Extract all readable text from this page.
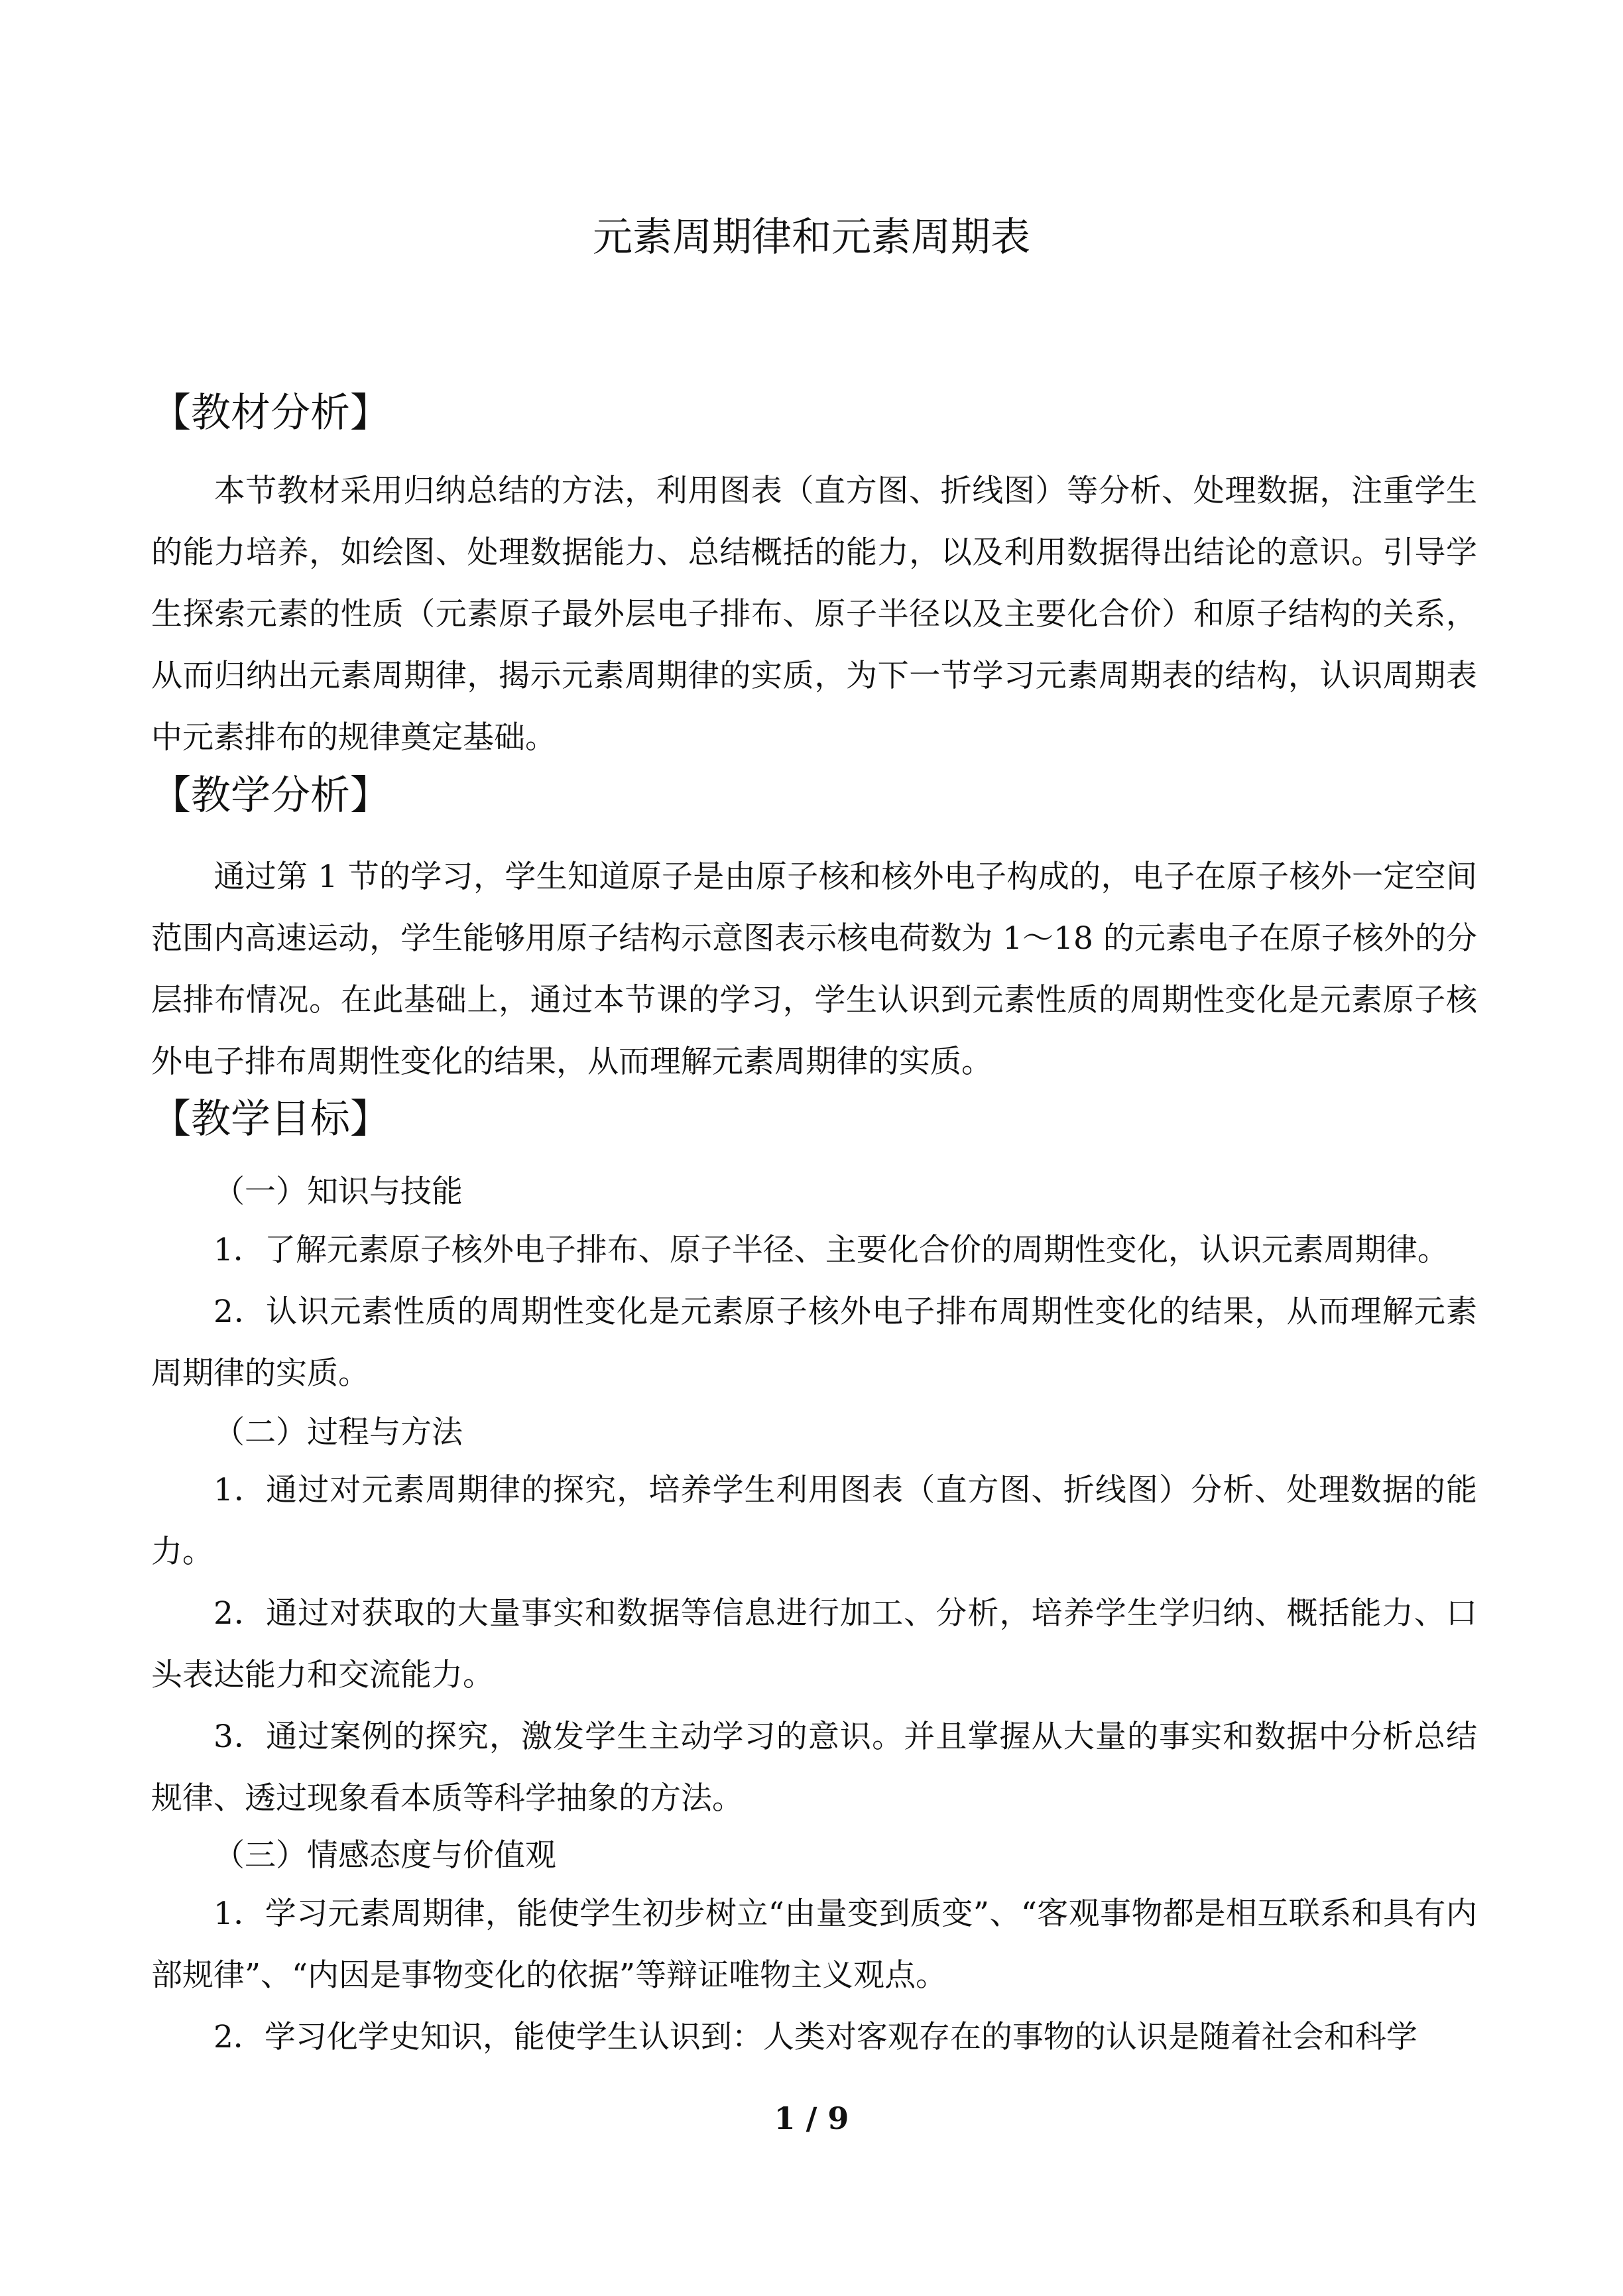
元素周期律和元素周期表
【教材分析】

本节教材采用归纳总结的方法，利用图表（直方图、折线图）等分析、处理数据，注重学生的能力培养，如绘图、处理数据能力、总结概括的能力，以及利用数据得出结论的意识。引导学生探索元素的性质（元素原子最外层电子排布、原子半径以及主要化合价）和原子结构的关系，从而归纳出元素周期律，揭示元素周期律的实质，为下一节学习元素周期表的结构，认识周期表中元素排布的规律奠定基础。

【教学分析】

通过第 1 节的学习，学生知道原子是由原子核和核外电子构成的，电子在原子核外一定空间范围内高速运动，学生能够用原子结构示意图表示核电荷数为 1～18 的元素电子在原子核外的分层排布情况。在此基础上，通过本节课的学习，学生认识到元素性质的周期性变化是元素原子核外电子排布周期性变化的结果，从而理解元素周期律的实质。

【教学目标】
（一）知识与技能

1．了解元素原子核外电子排布、原子半径、主要化合价的周期性变化，认识元素周期律。

2．认识元素性质的周期性变化是元素原子核外电子排布周期性变化的结果，从而理解元素周期律的实质。

（二）过程与方法

1．通过对元素周期律的探究，培养学生利用图表（直方图、折线图）分析、处理数据的能力。

2．通过对获取的大量事实和数据等信息进行加工、分析，培养学生学归纳、概括能力、口头表达能力和交流能力。

3．通过案例的探究，激发学生主动学习的意识。并且掌握从大量的事实和数据中分析总结规律、透过现象看本质等科学抽象的方法。

（三）情感态度与价值观

1．学习元素周期律，能使学生初步树立“由量变到质变”、“客观事物都是相互联系和具有内部规律”、“内因是事物变化的依据”等辩证唯物主义观点。

2．学习化学史知识，能使学生认识到：人类对客观存在的事物的认识是随着社会和科学

1 / 9
